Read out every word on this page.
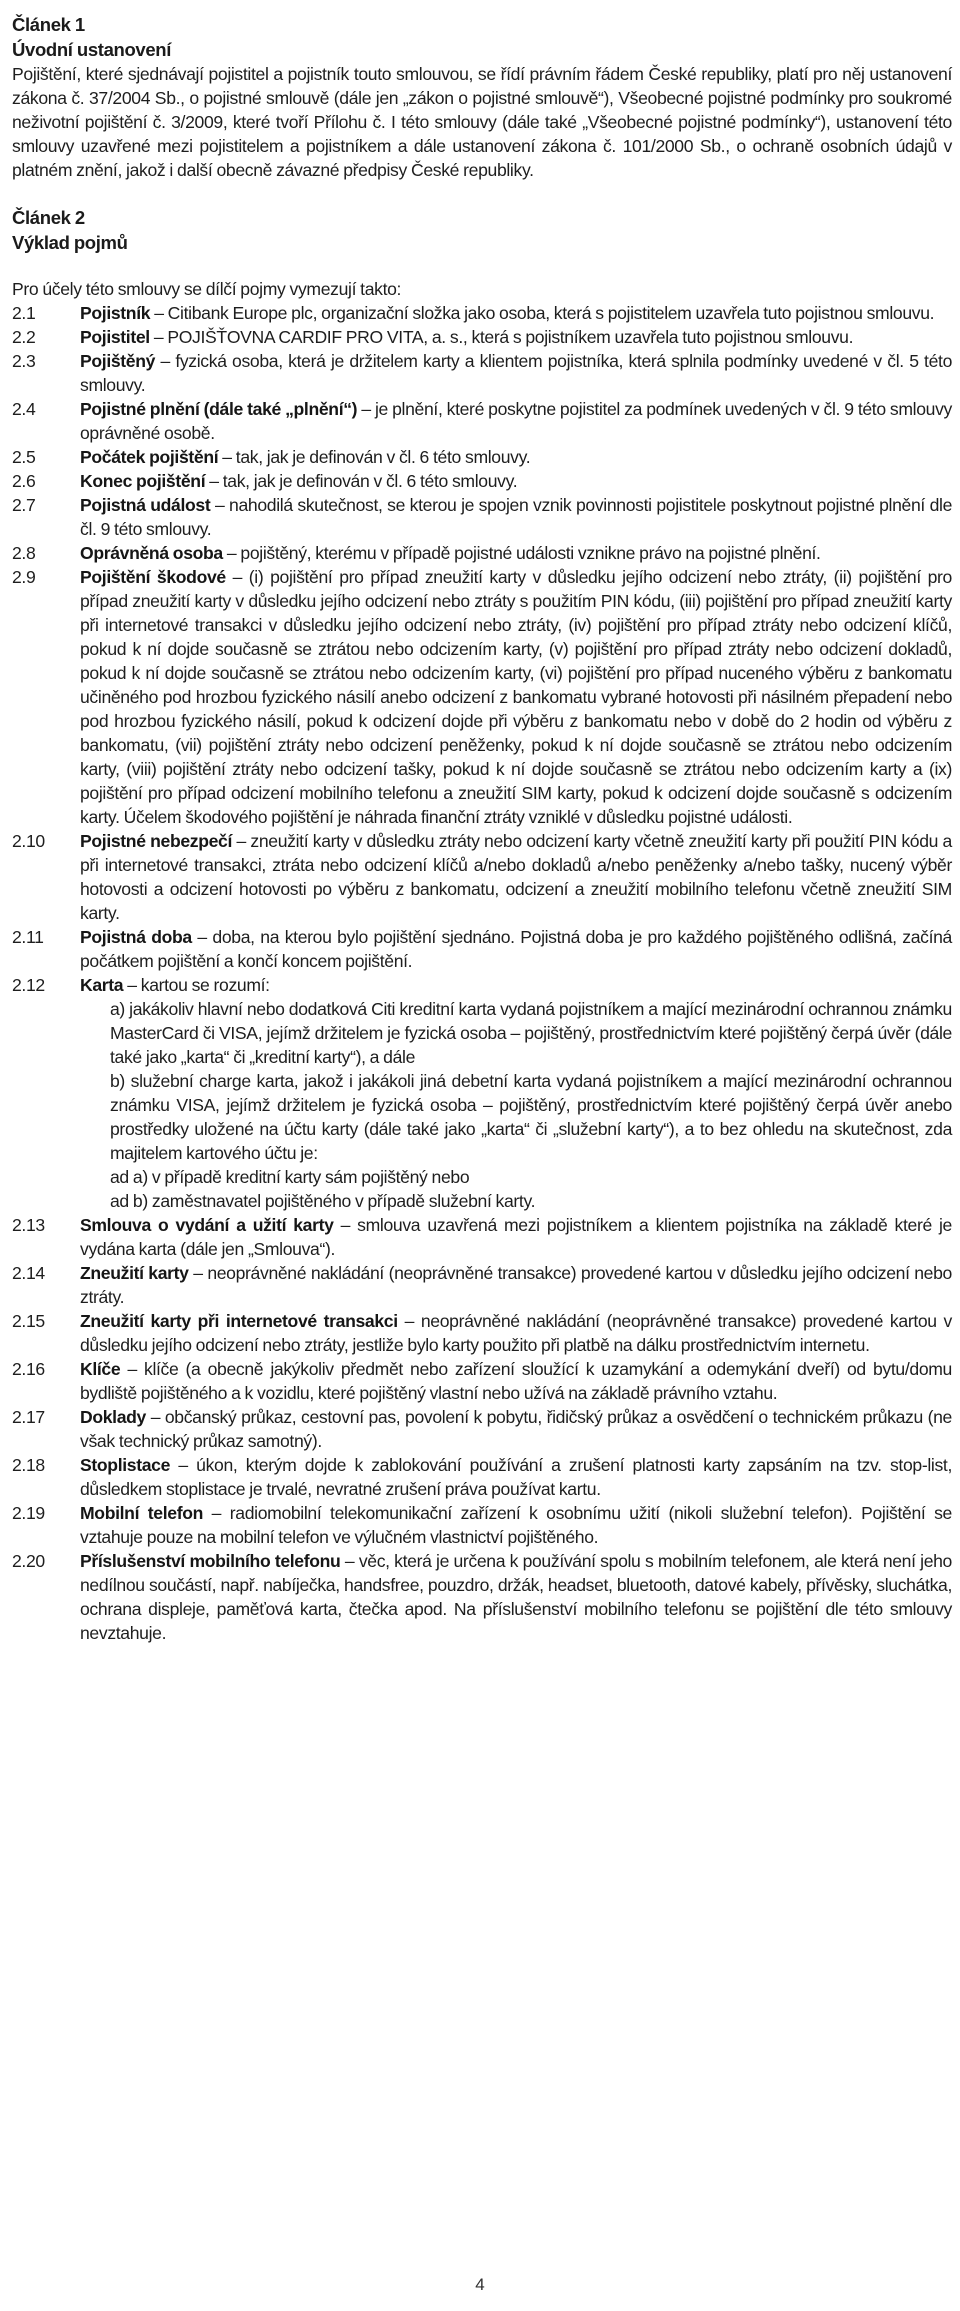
Článek 1
Úvodní ustanovení

Pojištění, které sjednávají pojistitel a pojistník touto smlouvou, se řídí právním řádem České republiky, platí pro něj ustanovení zákona č. 37/2004 Sb., o pojistné smlouvě (dále jen „zákon o pojistné smlouvě“), Všeobecné pojistné podmínky pro soukromé neživotní pojištění č. 3/2009, které tvoří Přílohu č. I této smlouvy (dále také „Všeobecné pojistné podmínky“), ustanovení této smlouvy uzavřené mezi pojistitelem a pojistníkem a dále ustanovení zákona č. 101/2000 Sb., o ochraně osobních údajů v platném znění, jakož i další obecně závazné předpisy České republiky.

Článek 2
Výklad pojmů

Pro účely této smlouvy se dílčí pojmy vymezují takto:

2.1	Pojistník – Citibank Europe plc, organizační složka jako osoba, která s pojistitelem uzavřela tuto pojistnou smlouvu.
2.2	Pojistitel – POJIŠŤOVNA CARDIF PRO VITA, a. s., která s pojistníkem uzavřela tuto pojistnou smlouvu.
2.3	Pojištěný – fyzická osoba, která je držitelem karty a klientem pojistníka, která splnila podmínky uvedené v čl. 5 této smlouvy.
2.4	Pojistné plnění (dále také „plnění“) – je plnění, které poskytne pojistitel za podmínek uvedených v čl. 9 této smlouvy oprávněné osobě.
2.5	Počátek pojištění – tak, jak je definován v čl. 6 této smlouvy.
2.6	Konec pojištění – tak, jak je definován v čl. 6 této smlouvy.
2.7	Pojistná událost – nahodilá skutečnost, se kterou je spojen vznik povinnosti pojistitele poskytnout pojistné plnění dle čl. 9 této smlouvy.
2.8	Oprávněná osoba – pojištěný, kterému v případě pojistné události vznikne právo na pojistné plnění.
2.9	Pojištění škodové – (i) pojištění pro případ zneužití karty v důsledku jejího odcizení nebo ztráty, (ii) pojištění pro případ zneužití karty v důsledku jejího odcizení nebo ztráty s použitím PIN kódu, (iii) pojištění pro případ zneužití karty při internetové transakci v důsledku jejího odcizení nebo ztráty, (iv) pojištění pro případ ztráty nebo odcizení klíčů, pokud k ní dojde současně se ztrátou nebo odcizením karty, (v) pojištění pro případ ztráty nebo odcizení dokladů, pokud k ní dojde současně se ztrátou nebo odcizením karty, (vi) pojištění pro případ nuceného výběru z bankomatu učiněného pod hrozbou fyzického násilí anebo odcizení z bankomatu vybrané hotovosti při násilném přepadení nebo pod hrozbou fyzického násilí, pokud k odcizení dojde při výběru z bankomatu nebo v době do 2 hodin od výběru z bankomatu, (vii) pojištění ztráty nebo odcizení peněženky, pokud k ní dojde současně se ztrátou nebo odcizením karty, (viii) pojištění ztráty nebo odcizení tašky, pokud k ní dojde současně se ztrátou nebo odcizením karty a (ix) pojištění pro případ odcizení mobilního telefonu a zneužití SIM karty, pokud k odcizení dojde současně s odcizením karty. Účelem škodového pojištění je náhrada finanční ztráty vzniklé v důsledku pojistné události.
2.10	Pojistné nebezpečí – zneužití karty v důsledku ztráty nebo odcizení karty včetně zneužití karty při použití PIN kódu a při internetové transakci, ztráta nebo odcizení klíčů a/nebo dokladů a/nebo peněženky a/nebo tašky, nucený výběr hotovosti a odcizení hotovosti po výběru z bankomatu, odcizení a zneužití mobilního telefonu včetně zneužití SIM karty.
2.11	Pojistná doba – doba, na kterou bylo pojištění sjednáno. Pojistná doba je pro každého pojištěného odlišná, začíná počátkem pojištění a končí koncem pojištění.
2.12	Karta – kartou se rozumí:

a) jakákoliv hlavní nebo dodatková Citi kreditní karta vydaná pojistníkem a mající mezinárodní ochrannou známku MasterCard či VISA, jejímž držitelem je fyzická osoba – pojištěný, prostřednictvím které pojištěný čerpá úvěr (dále také jako „karta“ či „kreditní karty“), a dále

b) služební charge karta, jakož i jakákoli jiná debetní karta vydaná pojistníkem a mající mezinárodní ochrannou známku VISA, jejímž držitelem je fyzická osoba – pojištěný, prostřednictvím které pojištěný čerpá úvěr anebo prostředky uložené na účtu karty (dále také jako „karta“ či „služební karty“), a to bez ohledu na skutečnost, zda majitelem kartového účtu je:

ad a) v případě kreditní karty sám pojištěný nebo

ad b) zaměstnavatel pojištěného v případě služební karty.

2.13	Smlouva o vydání a užití karty – smlouva uzavřená mezi pojistníkem a klientem pojistníka na základě které je vydána karta (dále jen „Smlouva“).
2.14	Zneužití karty – neoprávněné nakládání (neoprávněné transakce) provedené kartou v důsledku jejího odcizení nebo ztráty.
2.15	Zneužití karty při internetové transakci – neoprávněné nakládání (neoprávněné transakce) provedené kartou v důsledku jejího odcizení nebo ztráty, jestliže bylo karty použito při platbě na dálku prostřednictvím internetu.
2.16	Klíče – klíče (a obecně jakýkoliv předmět nebo zařízení sloužící k uzamykání a odemykání dveří) od bytu/domu bydliště pojištěného a k vozidlu, které pojištěný vlastní nebo užívá na základě právního vztahu.
2.17	Doklady – občanský průkaz, cestovní pas, povolení k pobytu, řidičský průkaz a osvědčení o technickém průkazu (ne však technický průkaz samotný).
2.18	Stoplistace – úkon, kterým dojde k zablokování používání a zrušení platnosti karty zapsáním na tzv. stop-list, důsledkem stoplistace je trvalé, nevratné zrušení práva používat kartu.
2.19	Mobilní telefon – radiomobilní telekomunikační zařízení k osobnímu užití (nikoli služební telefon). Pojištění se vztahuje pouze na mobilní telefon ve výlučném vlastnictví pojištěného.
2.20	Příslušenství mobilního telefonu – věc, která je určena k používání spolu s mobilním telefonem, ale která není jeho nedílnou součástí, např. nabíječka, handsfree, pouzdro, držák, headset, bluetooth, datové kabely, přívěsky, sluchátka, ochrana displeje, paměťová karta, čtečka apod. Na příslušenství mobilního telefonu se pojištění dle této smlouvy nevztahuje.
4
